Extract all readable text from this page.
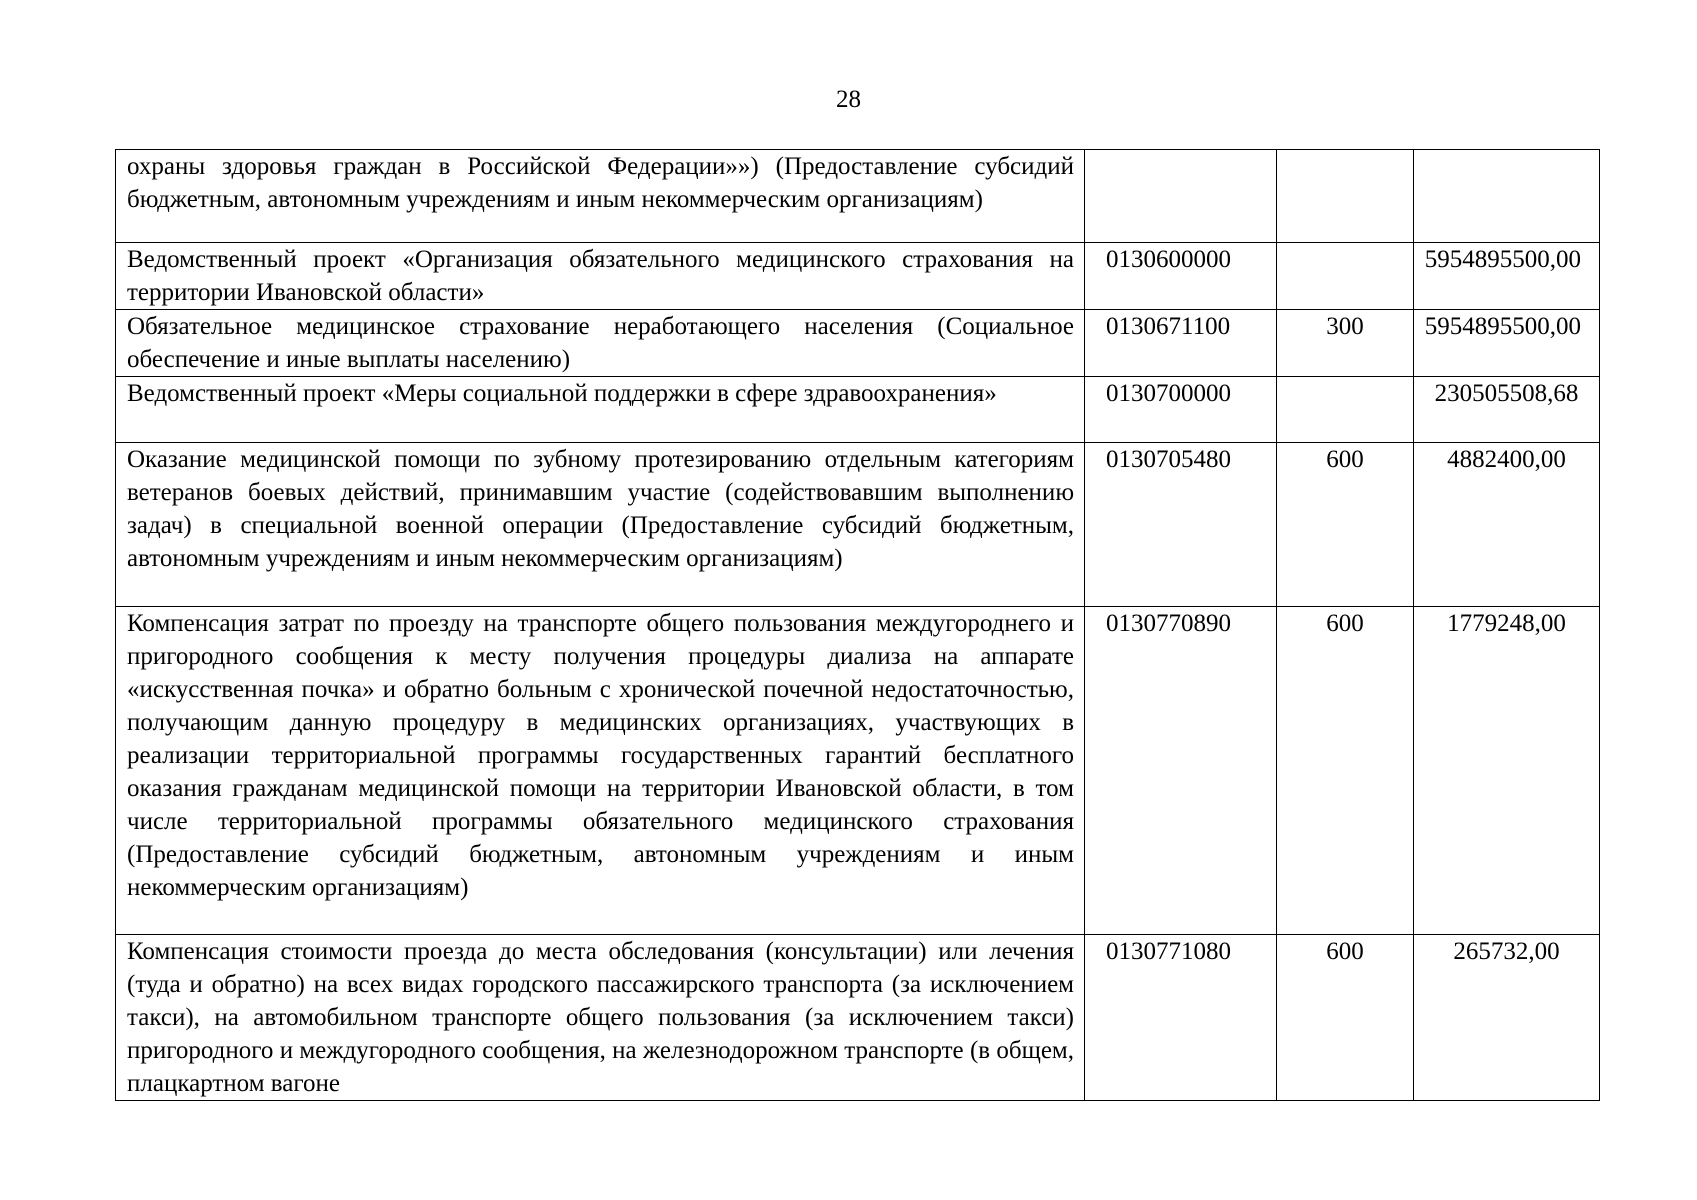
28
охраны здоровья граждан в Российской Федерации»») (Предоставление субсидий бюджетным, автономным учреждениям и иным некоммерческим организациям)			
Ведомственный проект «Организация обязательного медицинского страхования на территории Ивановской области»	0130600000		5954895500,00
Обязательное медицинское страхование неработающего населения (Социальное обеспечение и иные выплаты населению)	0130671100	300	5954895500,00
Ведомственный проект «Меры социальной поддержки в сфере здравоохранения»	0130700000		230505508,68
Оказание медицинской помощи по зубному протезированию отдельным категориям ветеранов боевых действий, принимавшим участие (содействовавшим выполнению задач) в специальной военной операции (Предоставление субсидий бюджетным, автономным учреждениям и иным некоммерческим организациям)	0130705480	600	4882400,00
Компенсация затрат по проезду на транспорте общего пользования междугороднего и пригородного сообщения к месту получения процедуры диализа на аппарате «искусственная почка» и обратно больным с хронической почечной недостаточностью, получающим данную процедуру в медицинских организациях, участвующих в реализации территориальной программы государственных гарантий бесплатного оказания гражданам медицинской помощи на территории Ивановской области, в том числе территориальной программы обязательного медицинского страхования (Предоставление субсидий бюджетным, автономным учреждениям и иным некоммерческим организациям)	0130770890	600	1779248,00
Компенсация стоимости проезда до места обследования (консультации) или лечения (туда и обратно) на всех видах городского пассажирского транспорта (за исключением такси), на автомобильном транспорте общего пользования (за исключением такси) пригородного и междугородного сообщения, на железнодорожном транспорте (в общем, плацкартном вагоне	0130771080	600	265732,00
